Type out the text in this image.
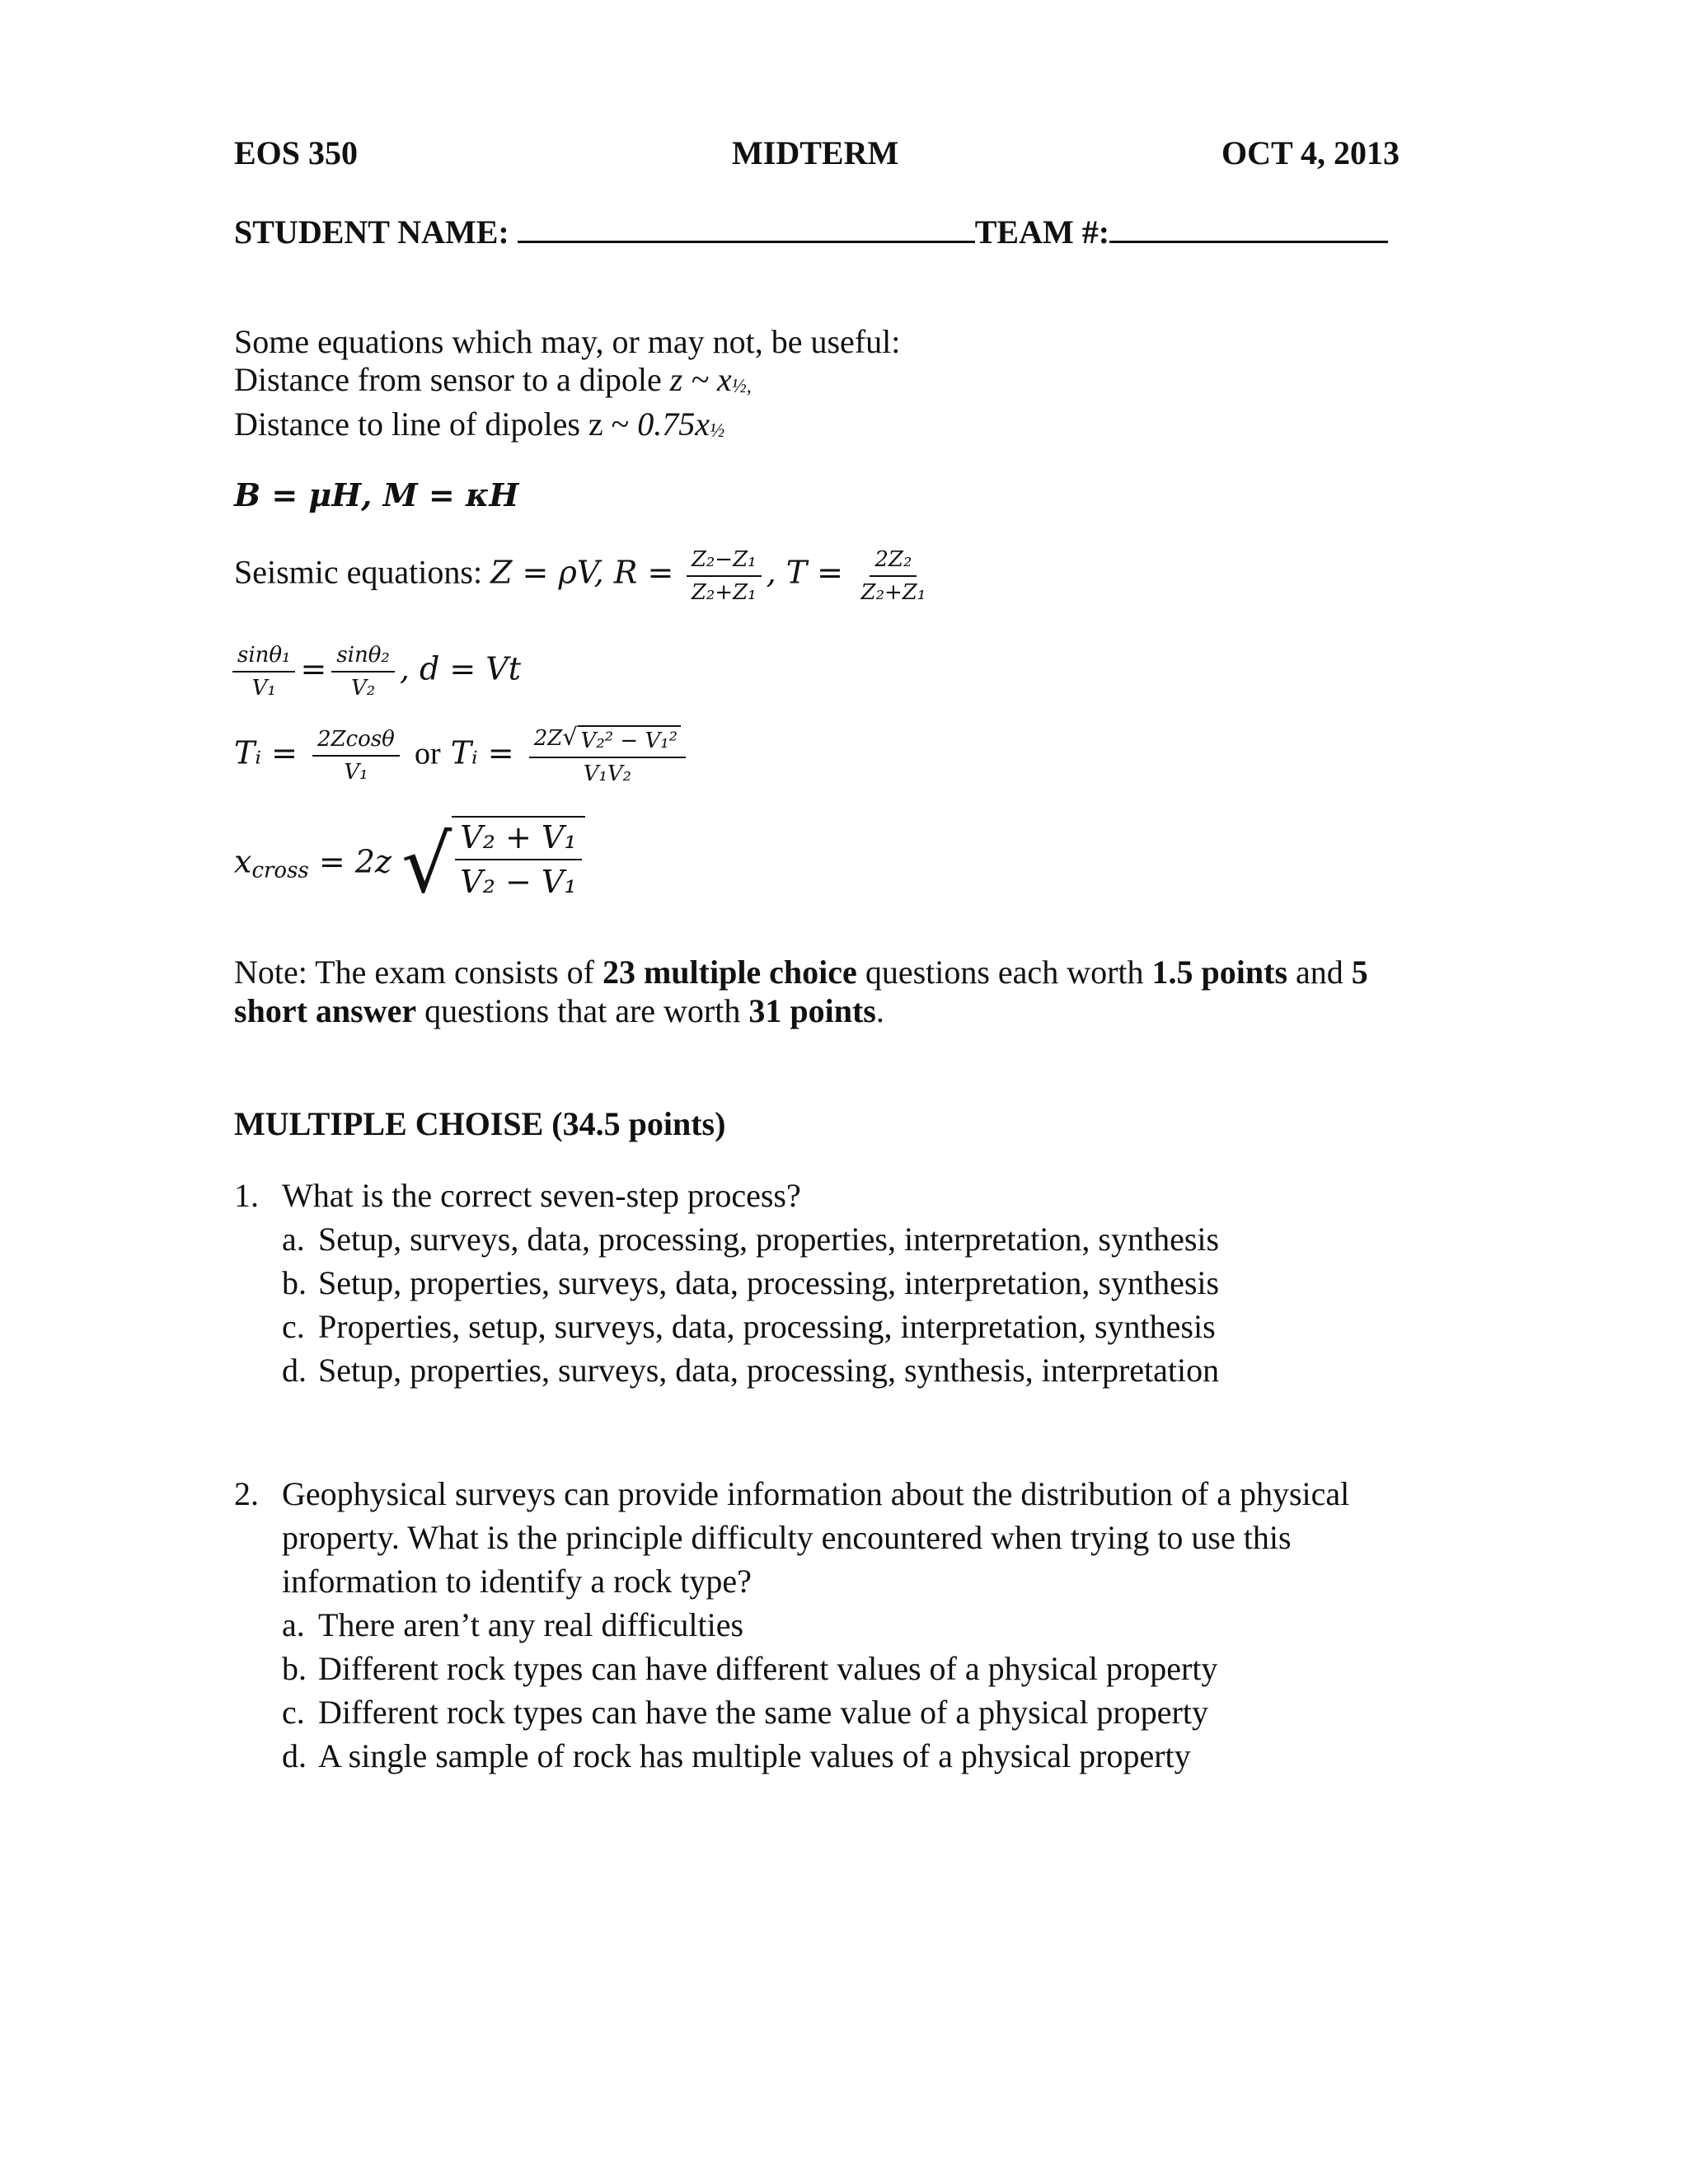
EOS 350	MIDTERM	OCT 4, 2013
STUDENT NAME:	TEAM #:
Some equations which may, or may not, be useful:
Distance from sensor to a dipole z ~ x½,
Distance to line of dipoles z ~ 0.75x½
B = μH, M = κH
Seismic equations: Z = ρV, $R = \frac{\text{Z₂−Z₁}}{\text{Z₂+Z₁}}$ , $T = \frac{\text{2Z₂}}{\text{Z₂+Z₁}}$
$\frac{\text{sinθ₁}}{\text{V₁}} = \frac{\text{sinθ₂}}{\text{V₂}}$ , d = Vt
Tᵢ = $\frac{2Zcos\theta}{\text{V₁}}$ or Tᵢ = $\frac{\text{2Z √ V₂² − V₁²}}{\text{V₁V₂}}$
xcross = 2z √ $\frac{\text{V₂ + V₁}}{\text{V₂ − V₁}}$
Note: The exam consists of 23 multiple choice questions each worth 1.5 points and 5 short answer questions that are worth 31 points.
MULTIPLE CHOISE (34.5 points)
1. What is the correct seven-step process?
a. Setup, surveys, data, processing, properties, interpretation, synthesis
b. Setup, properties, surveys, data, processing, interpretation, synthesis
c. Properties, setup, surveys, data, processing, interpretation, synthesis
d. Setup, properties, surveys, data, processing, synthesis, interpretation
2. Geophysical surveys can provide information about the distribution of a physical property. What is the principle difficulty encountered when trying to use this information to identify a rock type?
a. There aren’t any real difficulties
b. Different rock types can have different values of a physical property
c. Different rock types can have the same value of a physical property
d. A single sample of rock has multiple values of a physical property
